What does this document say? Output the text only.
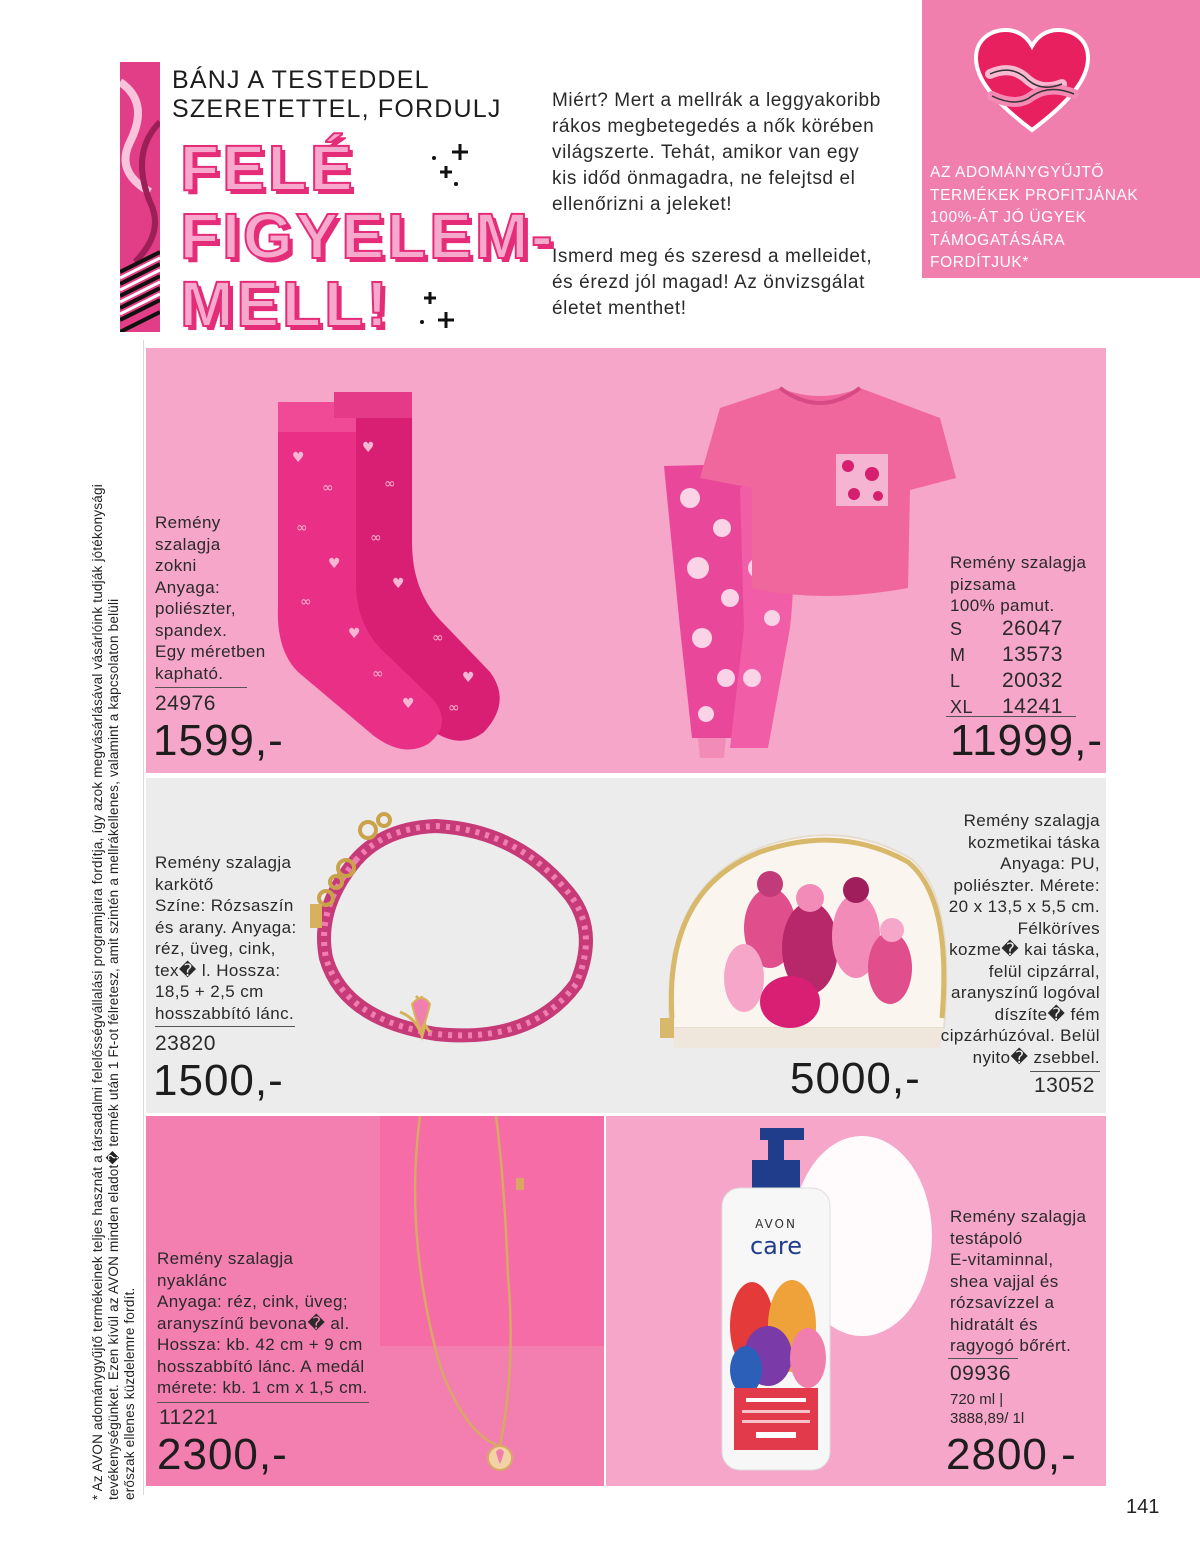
* Az AVON adománygyűjtő termékeinek teljes hasznát a társadalmi felelősségvállalási programjaira fordítja, így azok megvásárlásával vásárlóink tudják jótékonysági tevékenységünket. Ezen kívül az AVON minden eladot� termék után 1 Ft-ot félretesz, amit szintén a mellrákellenes, valamint a kapcsolaton belüli erőszak ellenes küzdelemre fordít.
BÁNJ A TESTEDDEL
SZERETETTEL, FORDULJ
FELÉ
FIGYELEM-
MELL!
Miért? Mert a mellrák a leggyakoribb
rákos megbetegedés a nők körében
világszerte. Tehát, amikor van egy
kis időd önmagadra, ne felejtsd el
ellenőrizni a jeleket!
Ismerd meg és szeresd a melleidet,
és érezd jól magad! Az önvizsgálat
életet menthet!
AZ ADOMÁNYGYŰJTŐ
TERMÉKEK PROFITJÁNAK
100%-ÁT JÓ ÜGYEK
TÁMOGATÁSÁRA
FORDÍTJUK*
♥
∞
∞
♥
∞
♥
∞
♥
♥
∞
∞
♥
∞
♥
∞
Remény
szalagja
zokni
Anyaga:
poliészter,
spandex.
Egy méretben
kapható.
24976
1599,-
Remény szalagja
pizsama
100% pamut.
S 26047
M 13573
L 20032
XL 14241
11999,-
Remény szalagja
karkötő
Színe: Rózsaszín
és arany. Anyaga:
réz, üveg, cink,
tex� l. Hossza:
18,5 + 2,5 cm
hosszabbító lánc.
23820
1500,-
Remény szalagja
kozmetikai táska
Anyaga: PU,
poliészter. Mérete:
20 x 13,5 x 5,5 cm.
Félköríves
kozme� kai táska,
felül cipzárral,
aranyszínű logóval
díszíte� fém
cipzárhúzóval. Belül
nyito� zsebbel.
5000,-	13052
Remény szalagja
nyaklánc
Anyaga: réz, cink, üveg;
aranyszínű bevona� al.
Hossza: kb. 42 cm + 9 cm
hosszabbító lánc. A medál
mérete: kb. 1 cm x 1,5 cm.
11221
2300,-
AVON
care
Remény szalagja
testápoló
E-vitaminnal,
shea vajjal és
rózsavízzel a
hidratált és
ragyogó bőrért.
09936
720 ml |
3888,89/ 1l
2800,-
141
